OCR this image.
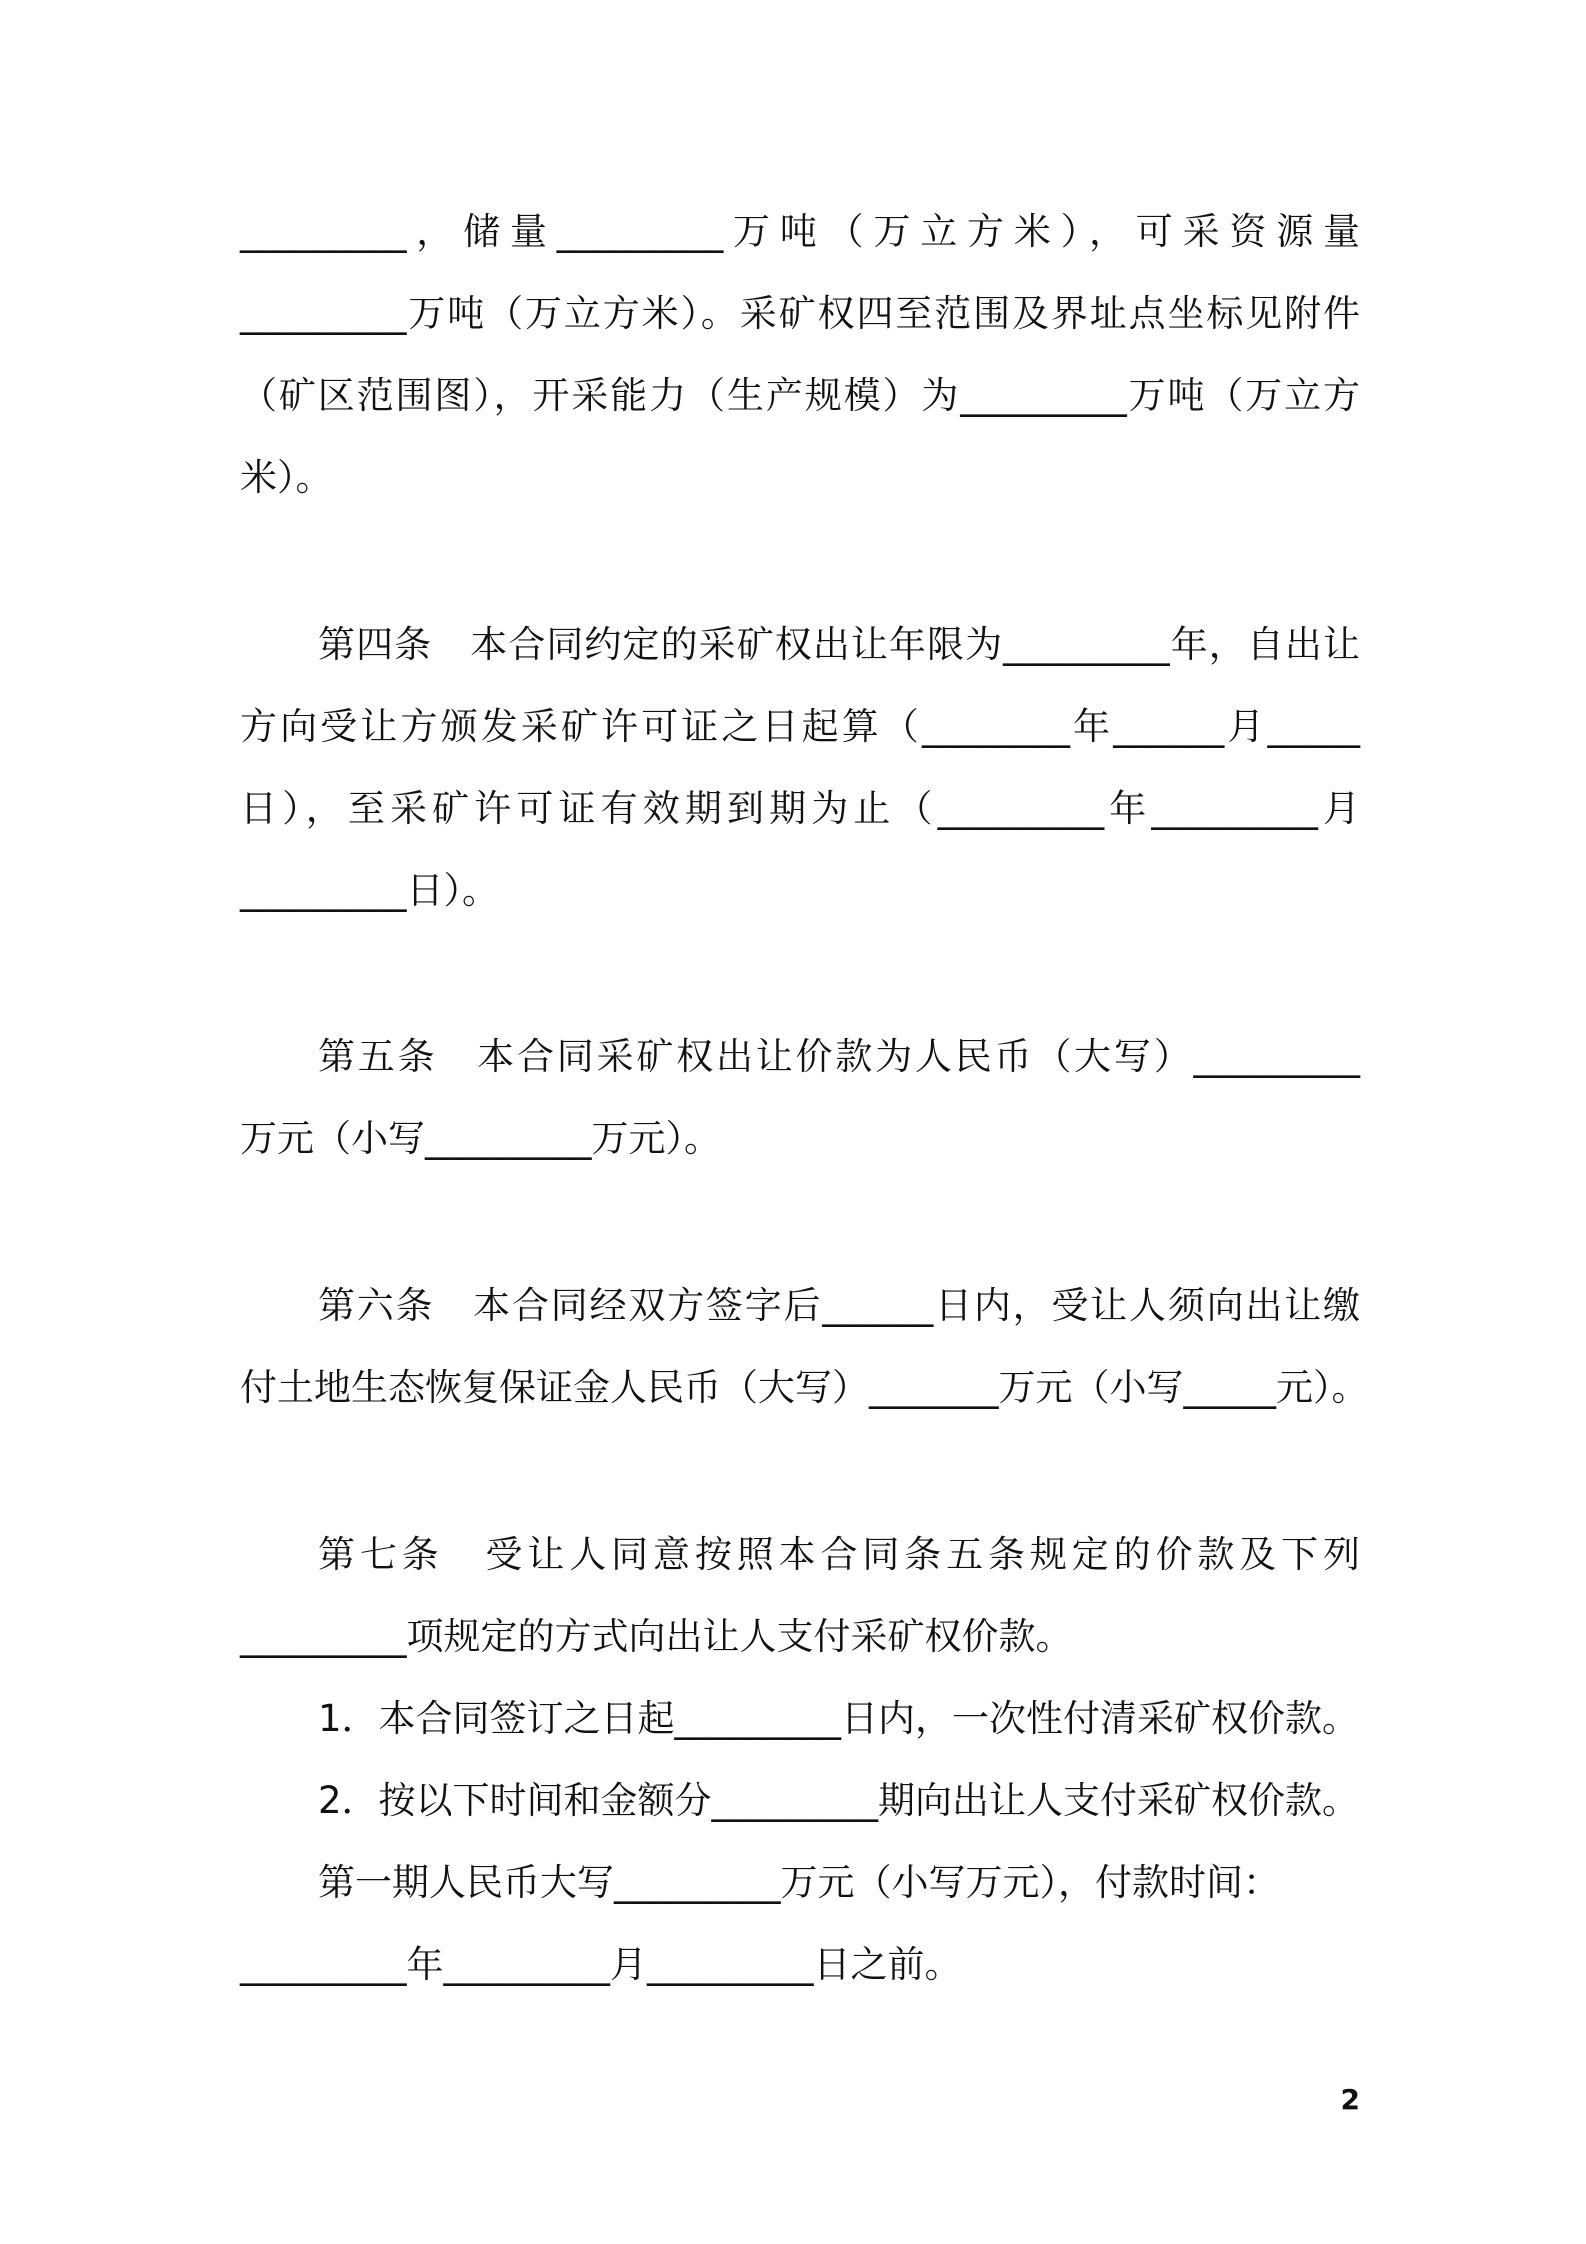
_________，储量_________万吨（万立方米），可采资源量
_________万吨（万立方米）。采矿权四至范围及界址点坐标见附件
（矿区范围图），开采能力（生产规模）为_________万吨（万立方
米）。
第四条　本合同约定的采矿权出让年限为_________年，自出让
方向受让方颁发采矿许可证之日起算（________年______月_____
日），至采矿许可证有效期到期为止（_________年_________月
_________日）。
第五条　本合同采矿权出让价款为人民币（大写）_________
万元（小写_________万元）。
第六条　本合同经双方签字后______日内，受让人须向出让缴
付土地生态恢复保证金人民币（大写）_______万元（小写_____元）。
第七条　受让人同意按照本合同条五条规定的价款及下列
_________项规定的方式向出让人支付采矿权价款。
1．本合同签订之日起_________日内，一次性付清采矿权价款。
2．按以下时间和金额分_________期向出让人支付采矿权价款。
第一期人民币大写_________万元（小写万元），付款时间：
_________年_________月_________日之前。
2
